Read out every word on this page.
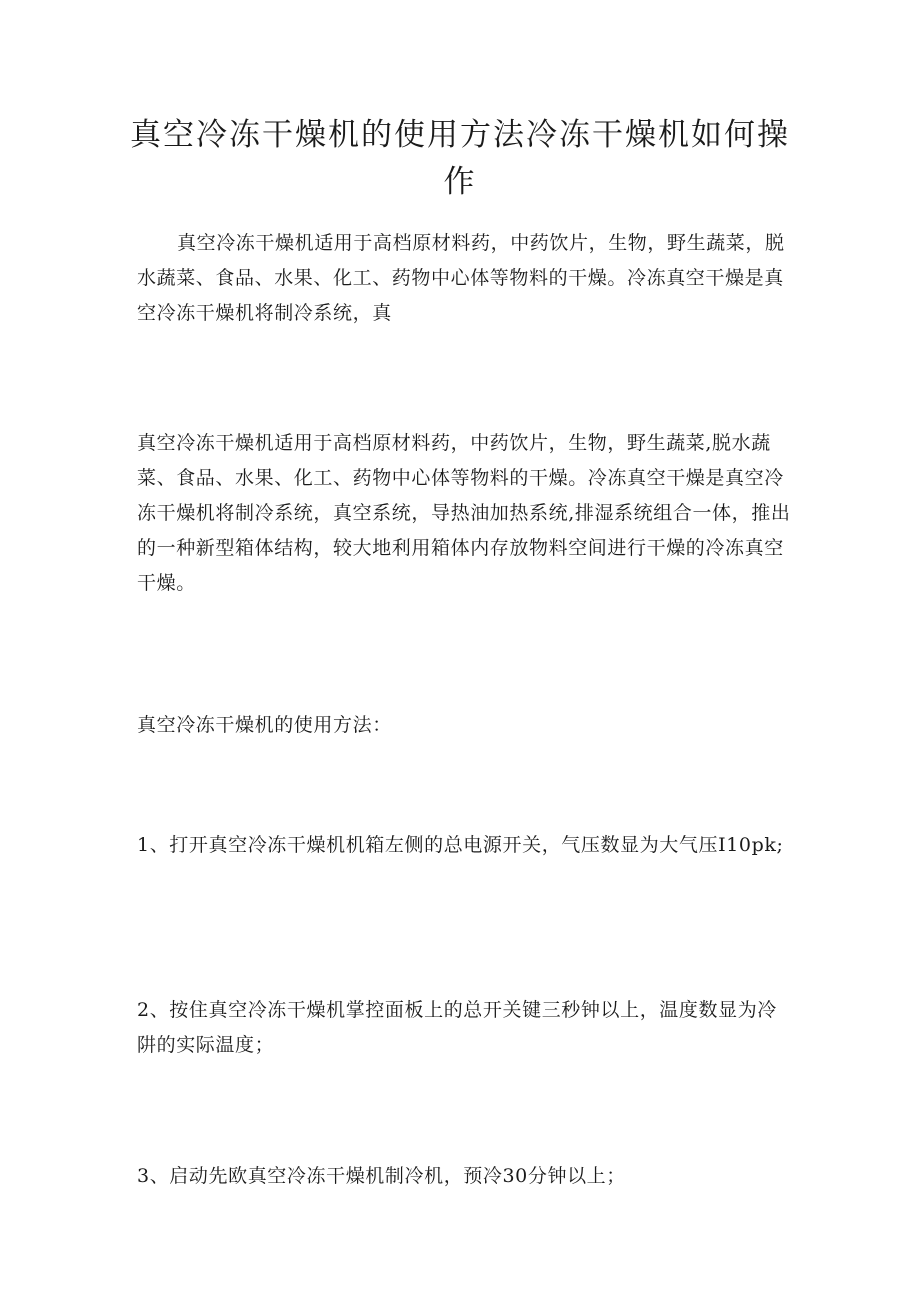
真空冷冻干燥机的使用方法冷冻干燥机如何操作

真空冷冻干燥机适用于高档原材料药，中药饮片，生物，野生蔬菜，脱水蔬菜、食品、水果、化工、药物中心体等物料的干燥。冷冻真空干燥是真空冷冻干燥机将制冷系统，真

真空冷冻干燥机适用于高档原材料药，中药饮片，生物，野生蔬菜,脱水蔬菜、食品、水果、化工、药物中心体等物料的干燥。冷冻真空干燥是真空冷冻干燥机将制冷系统，真空系统，导热油加热系统,排湿系统组合一体，推出的一种新型箱体结构，较大地利用箱体内存放物料空间进行干燥的冷冻真空干燥。

真空冷冻干燥机的使用方法：

1、打开真空冷冻干燥机机箱左侧的总电源开关，气压数显为大气压I10pk;

2、按住真空冷冻干燥机掌控面板上的总开关键三秒钟以上，温度数显为冷阱的实际温度；

3、启动先欧真空冷冻干燥机制冷机，预冷30分钟以上；
